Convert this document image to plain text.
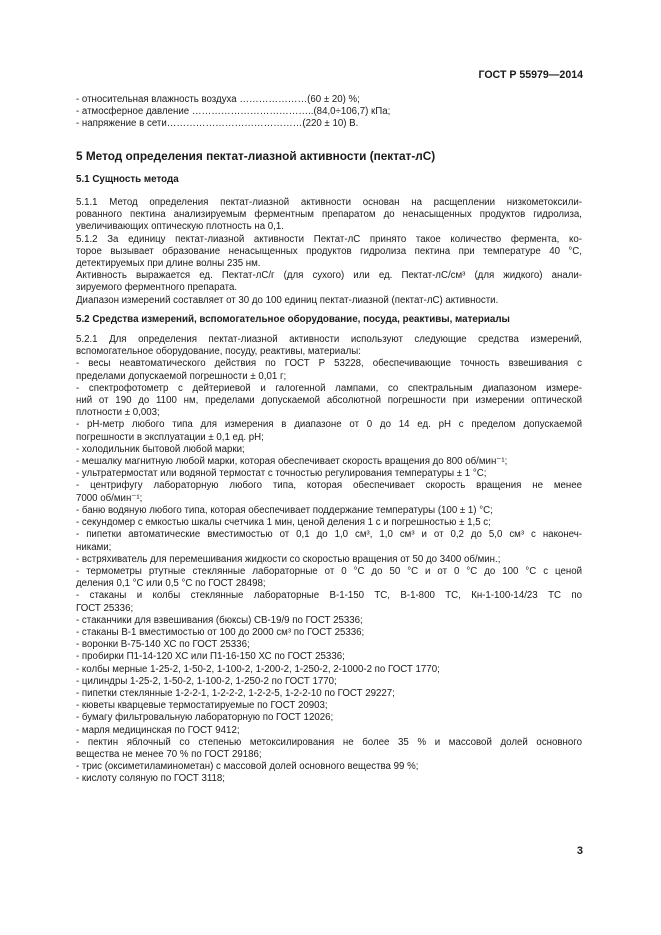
ГОСТ Р 55979—2014
- относительная влажность воздуха …………………(60 ± 20) %;
- атмосферное давление ………………………………..(84,0÷106,7) кПа;
- напряжение в сети……………………………………(220 ± 10) В.
5 Метод определения пектат-лиазной активности (пектат-лС)
5.1 Сущность метода
5.1.1 Метод определения пектат-лиазной активности основан на расщеплении низкометоксили-
рованного пектина анализируемым ферментным препаратом до ненасыщенных продуктов гидролиза,
увеличивающих оптическую плотность на 0,1.
5.1.2 За единицу пектат-лиазной активности Пектат-лС принято такое количество фермента, ко-
торое вызывает образование ненасыщенных продуктов гидролиза пектина при температуре 40 °С,
детектируемых при длине волны 235 нм.
Активность выражается ед. Пектат-лС/г (для сухого) или ед. Пектат-лС/см³ (для жидкого) анали-
зируемого ферментного препарата.
Диапазон измерений составляет от 30 до 100 единиц пектат-лиазной (пектат-лС) активности.
5.2 Средства измерений, вспомогательное оборудование, посуда, реактивы, материалы
5.2.1 Для определения пектат-лиазной активности используют следующие средства измерений,
вспомогательное оборудование, посуду, реактивы, материалы:
- весы неавтоматического действия по ГОСТ Р 53228, обеспечивающие точность взвешивания с
пределами допускаемой погрешности ± 0,01 г;
- спектрофотометр с дейтериевой и галогенной лампами, со спектральным диапазоном измере-
ний от 190 до 1100 нм, пределами допускаемой абсолютной погрешности при измерении оптической
плотности ± 0,003;
- рН-метр любого типа для измерения в диапазоне от 0 до 14 ед. рН с пределом допускаемой
погрешности в эксплуатации ± 0,1 ед. рН;
- холодильник бытовой любой марки;
- мешалку магнитную любой марки, которая обеспечивает скорость вращения до 800 об/мин⁻¹;
- ультратермостат или водяной термостат с точностью регулирования температуры ± 1 °С;
- центрифугу лабораторную любого типа, которая обеспечивает скорость вращения не менее
7000 об/мин⁻¹;
- баню водяную любого типа, которая обеспечивает поддержание температуры (100 ± 1) °С;
- секундомер с емкостью шкалы счетчика 1 мин, ценой деления 1 с и погрешностью ± 1,5 с;
- пипетки автоматические вместимостью от 0,1 до 1,0 см³, 1,0 см³ и от 0,2 до 5,0 см³ с наконеч-
никами;
- встряхиватель для перемешивания жидкости со скоростью вращения от 50 до 3400 об/мин.;
- термометры ртутные стеклянные лабораторные от 0 °С до 50 °С и от 0 °С до 100 °С с ценой
деления 0,1 °С или 0,5 °С по ГОСТ 28498;
- стаканы и колбы стеклянные лабораторные В-1-150 ТС, В-1-800 ТС, Кн-1-100-14/23 ТС по
ГОСТ 25336;
- стаканчики для взвешивания (бюксы) СВ-19/9 по ГОСТ 25336;
- стаканы В-1 вместимостью от 100 до 2000 см³ по ГОСТ 25336;
- воронки В-75-140 ХС по ГОСТ 25336;
- пробирки П1-14-120 ХС или П1-16-150 ХС по ГОСТ 25336;
- колбы мерные 1-25-2, 1-50-2, 1-100-2, 1-200-2, 1-250-2, 2-1000-2 по ГОСТ 1770;
- цилиндры 1-25-2, 1-50-2, 1-100-2, 1-250-2 по ГОСТ 1770;
- пипетки стеклянные 1-2-2-1, 1-2-2-2, 1-2-2-5, 1-2-2-10 по ГОСТ 29227;
- кюветы кварцевые термостатируемые по ГОСТ 20903;
- бумагу фильтровальную лабораторную по ГОСТ 12026;
- марля медицинская по ГОСТ 9412;
- пектин яблочный со степенью метоксилирования не более 35 % и массовой долей основного
вещества не менее 70 % по ГОСТ 29186;
- трис (оксиметиламинометан) с массовой долей основного вещества 99 %;
- кислоту соляную по ГОСТ 3118;
3
